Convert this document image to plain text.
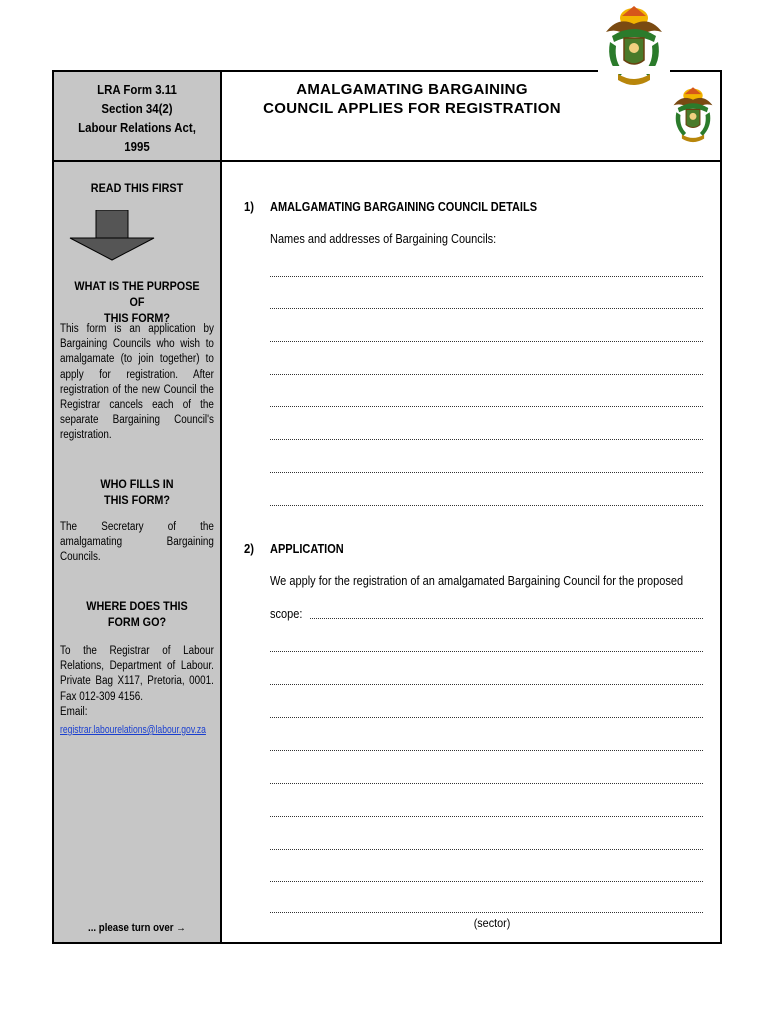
LRA Form 3.11
Section 34(2)
Labour Relations Act,
1995
READ THIS FIRST
WHAT IS THE PURPOSE OF
THIS FORM?
This form is an application by Bargaining Councils who wish to amalgamate (to join together) to apply for registration. After registration of the new Council the Registrar cancels each of the separate Bargaining Council's registration.
WHO FILLS IN
THIS FORM?
The Secretary of the amalgamating Bargaining Councils.
WHERE DOES THIS
FORM GO?
To the Registrar of Labour Relations, Department of Labour. Private Bag X117, Pretoria, 0001. Fax 012-309 4156.
Email:
registrar.labourelations@labour.gov.za
... please turn over →
AMALGAMATING BARGAINING
COUNCIL APPLIES FOR REGISTRATION
1) AMALGAMATING BARGAINING COUNCIL DETAILS
Names and addresses of Bargaining Councils:
2) APPLICATION
We apply for the registration of an amalgamated Bargaining Council for the proposed
scope:
(sector)
